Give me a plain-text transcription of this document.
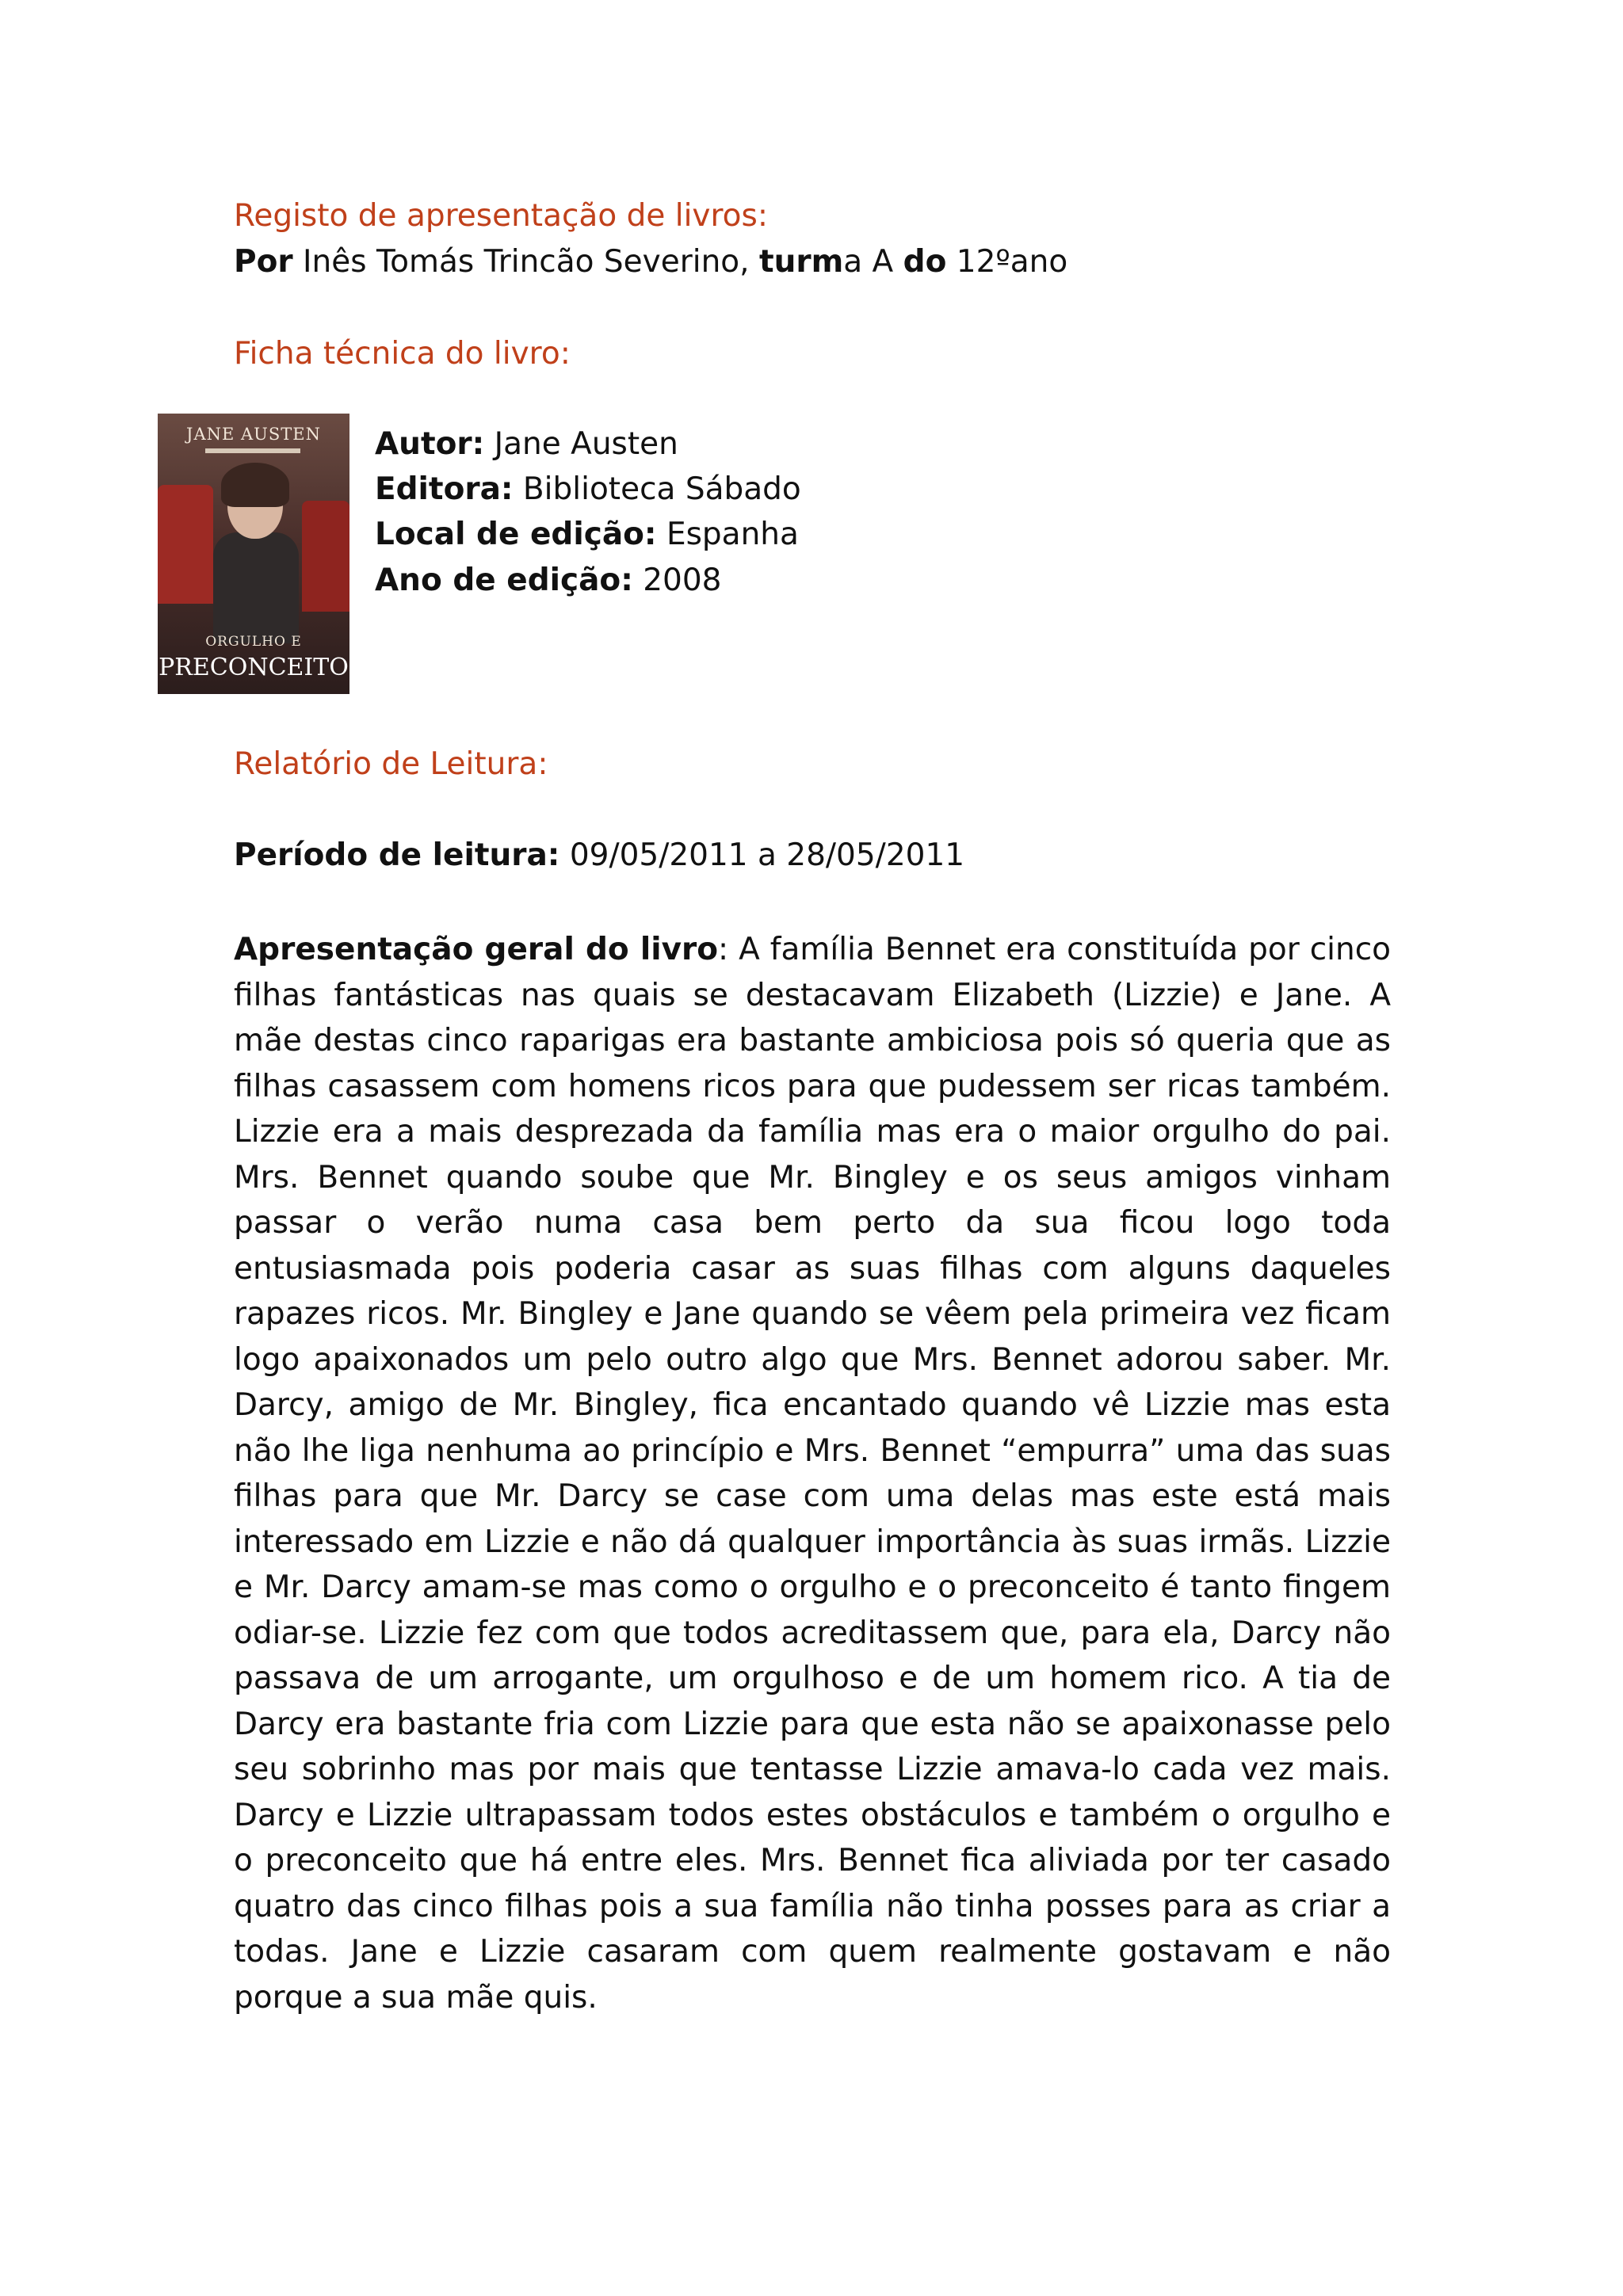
Registo de apresentação de livros:
Por Inês Tomás Trincão Severino, turma A do 12ºano
Ficha técnica do livro:
JANE AUSTEN
ORGULHO E
PRECONCEITO
Autor: Jane Austen
Editora: Biblioteca Sábado
Local de edição: Espanha
Ano de edição: 2008
Relatório de Leitura:
Período de leitura: 09/05/2011 a 28/05/2011
Apresentação geral do livro: A família Bennet era constituída por cinco filhas fantásticas nas quais se destacavam Elizabeth (Lizzie) e Jane. A mãe destas cinco raparigas era bastante ambiciosa pois só queria que as filhas casassem com homens ricos para que pudessem ser ricas também. Lizzie era a mais desprezada da família mas era o maior orgulho do pai. Mrs. Bennet quando soube que Mr. Bingley e os seus amigos vinham passar o verão numa casa bem perto da sua ficou logo toda entusiasmada pois poderia casar as suas filhas com alguns daqueles rapazes ricos. Mr. Bingley e Jane quando se vêem pela primeira vez ficam logo apaixonados um pelo outro algo que Mrs. Bennet adorou saber. Mr. Darcy, amigo de Mr. Bingley, fica encantado quando vê Lizzie mas esta não lhe liga nenhuma ao princípio e Mrs. Bennet “empurra” uma das suas filhas para que Mr. Darcy se case com uma delas mas este está mais interessado em Lizzie e não dá qualquer importância às suas irmãs. Lizzie e Mr. Darcy amam-se mas como o orgulho e o preconceito é tanto fingem odiar-se. Lizzie fez com que todos acreditassem que, para ela, Darcy não passava de um arrogante, um orgulhoso e de um homem rico. A tia de Darcy era bastante fria com Lizzie para que esta não se apaixonasse pelo seu sobrinho mas por mais que tentasse Lizzie amava-lo cada vez mais. Darcy e Lizzie ultrapassam todos estes obstáculos e também o orgulho e o preconceito que há entre eles. Mrs. Bennet fica aliviada por ter casado quatro das cinco filhas pois a sua família não tinha posses para as criar a todas. Jane e Lizzie casaram com quem realmente gostavam e não porque a sua mãe quis.
